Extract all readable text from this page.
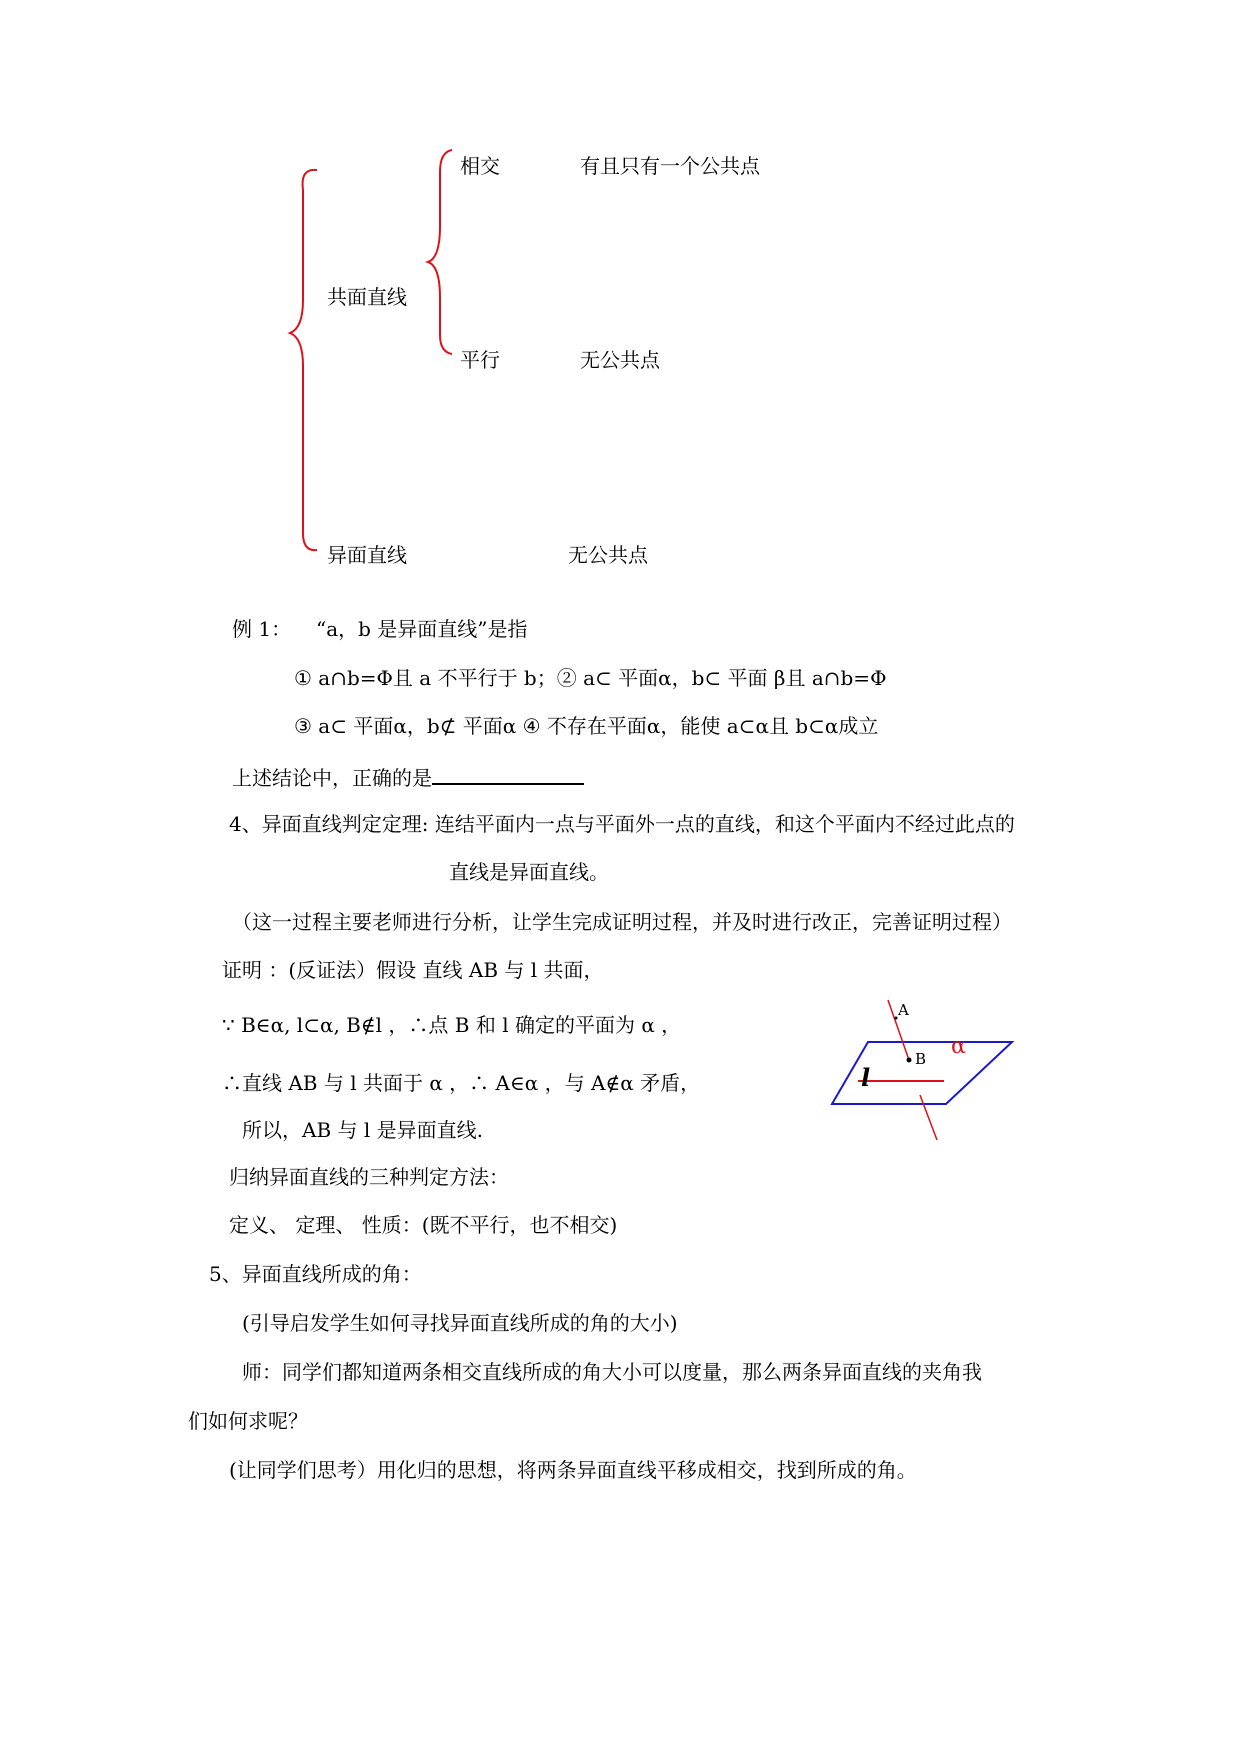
相交	有且只有一个公共点
共面直线
平行	无公共点
异面直线	无公共点
例 1： “a，b 是异面直线”是指
① a∩b=Φ且 a 不平行于 b；② a⊂ 平面α，b⊂ 平面 β且 a∩b=Φ
③ a⊂ 平面α，b⊄ 平面α ④ 不存在平面α，能使 a⊂α且 b⊂α成立
上述结论中，正确的是
4、异面直线判定定理: 连结平面内一点与平面外一点的直线，和这个平面内不经过此点的
直线是异面直线。
（这一过程主要老师进行分析，让学生完成证明过程，并及时进行改正，完善证明过程）
证明 ：(反证法）假设 直线 AB 与 l 共面，
∵ B∈α, l⊂α, B∉l ，∴点 B 和 l 确定的平面为 α ，
∴直线 AB 与 l 共面于 α ，∴ A∈α ，与 A∉α 矛盾，
所以，AB 与 l 是异面直线.
A
B α
l
归纳异面直线的三种判定方法：
定义、 定理、 性质：(既不平行，也不相交)
5、异面直线所成的角：
(引导启发学生如何寻找异面直线所成的角的大小)
师：同学们都知道两条相交直线所成的角大小可以度量，那么两条异面直线的夹角我
们如何求呢？
(让同学们思考）用化归的思想，将两条异面直线平移成相交，找到所成的角。
